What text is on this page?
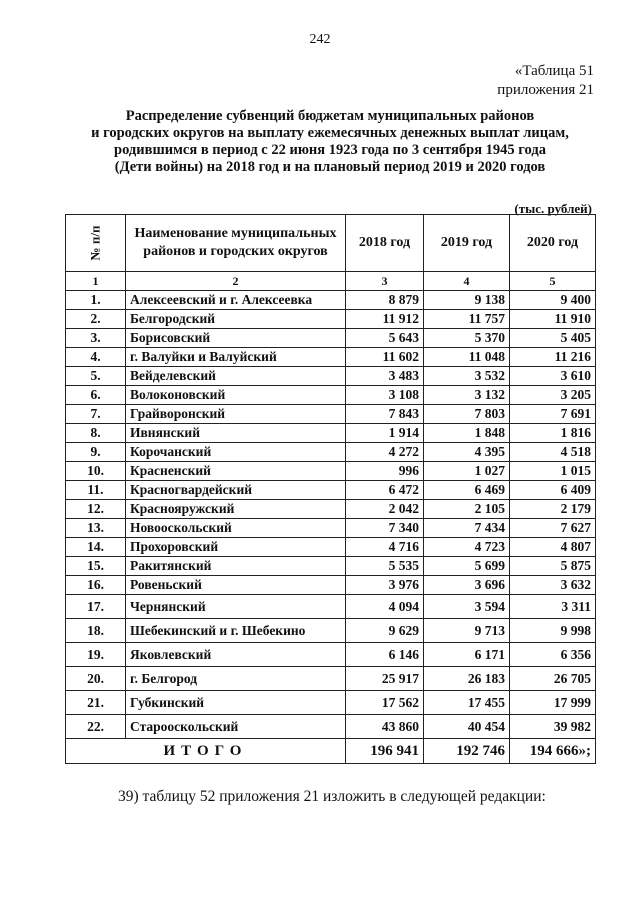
242
«Таблица 51
приложения 21
Распределение субвенций бюджетам муниципальных районов
и городских округов на выплату ежемесячных денежных выплат лицам,
родившимся в период с 22 июня 1923 года по 3 сентября 1945 года
(Дети войны) на 2018 год и на плановый период 2019 и 2020 годов
(тыс. рублей)
№ п/п	Наименование муниципальных районов и городских округов	2018 год	2019 год	2020 год
1	2	3	4	5
1.	Алексеевский и г. Алексеевка	8 879	9 138	9 400
2.	Белгородский	11 912	11 757	11 910
3.	Борисовский	5 643	5 370	5 405
4.	г. Валуйки и Валуйский	11 602	11 048	11 216
5.	Вейделевский	3 483	3 532	3 610
6.	Волоконовский	3 108	3 132	3 205
7.	Грайворонский	7 843	7 803	7 691
8.	Ивнянский	1 914	1 848	1 816
9.	Корочанский	4 272	4 395	4 518
10.	Красненский	996	1 027	1 015
11.	Красногвардейский	6 472	6 469	6 409
12.	Краснояружский	2 042	2 105	2 179
13.	Новооскольский	7 340	7 434	7 627
14.	Прохоровский	4 716	4 723	4 807
15.	Ракитянский	5 535	5 699	5 875
16.	Ровеньский	3 976	3 696	3 632
17.	Чернянский	4 094	3 594	3 311
18.	Шебекинский и г. Шебекино	9 629	9 713	9 998
19.	Яковлевский	6 146	6 171	6 356
20.	г. Белгород	25 917	26 183	26 705
21.	Губкинский	17 562	17 455	17 999
22.	Старооскольский	43 860	40 454	39 982
ИТОГО		196 941	192 746	194 666»;
39) таблицу 52 приложения 21 изложить в следующей редакции:
